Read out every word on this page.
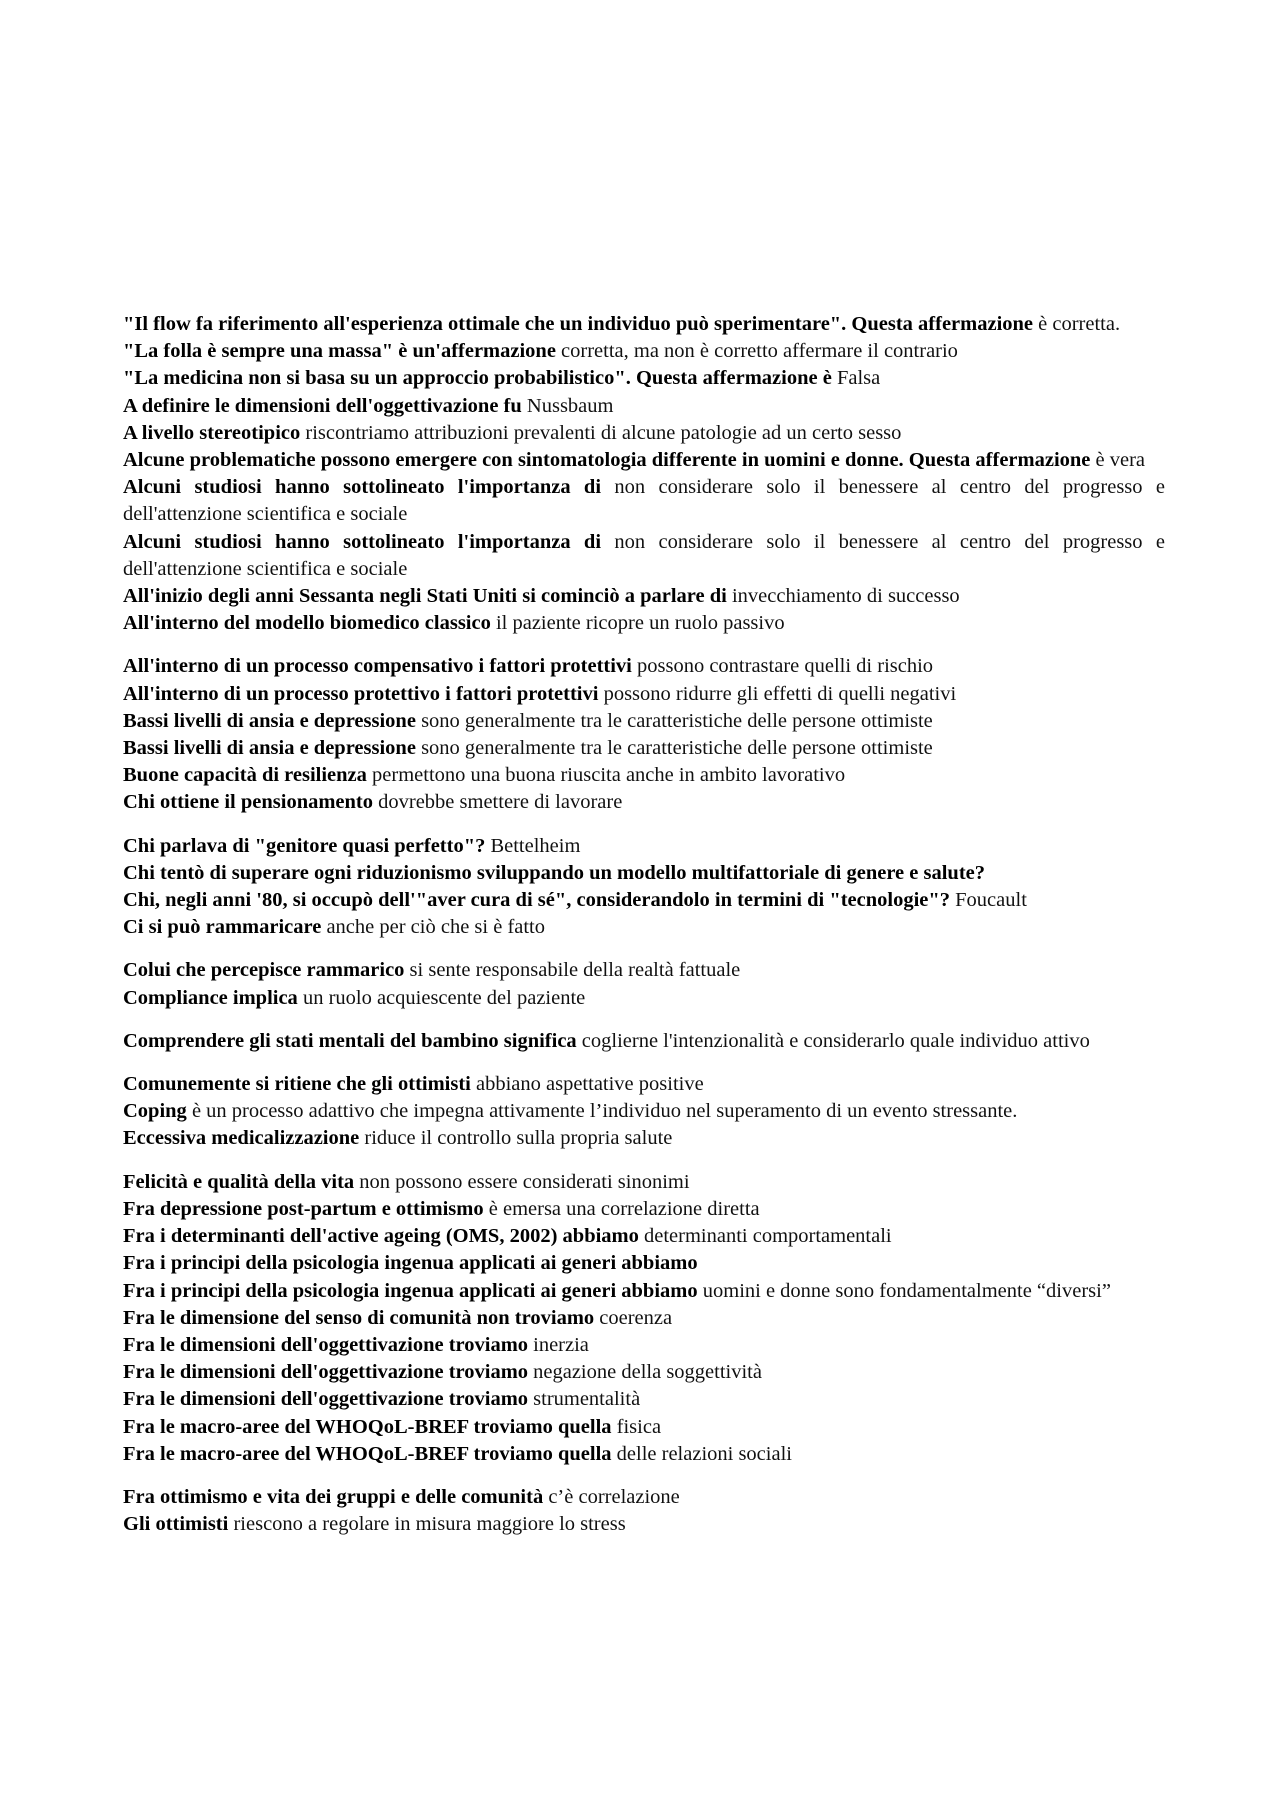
"Il flow fa riferimento all'esperienza ottimale che un individuo può sperimentare". Questa affermazione è corretta.

"La folla è sempre una massa" è un'affermazione corretta, ma non è corretto affermare il contrario

"La medicina non si basa su un approccio probabilistico". Questa affermazione è Falsa

A definire le dimensioni dell'oggettivazione fu Nussbaum

A livello stereotipico riscontriamo attribuzioni prevalenti di alcune patologie ad un certo sesso

Alcune problematiche possono emergere con sintomatologia differente in uomini e donne. Questa affermazione è vera

Alcuni studiosi hanno sottolineato l'importanza di non considerare solo il benessere al centro del progresso e dell'attenzione scientifica e sociale

Alcuni studiosi hanno sottolineato l'importanza di non considerare solo il benessere al centro del progresso e dell'attenzione scientifica e sociale

All'inizio degli anni Sessanta negli Stati Uniti si cominciò a parlare di invecchiamento di successo

All'interno del modello biomedico classico il paziente ricopre un ruolo passivo

All'interno di un processo compensativo i fattori protettivi possono contrastare quelli di rischio

All'interno di un processo protettivo i fattori protettivi possono ridurre gli effetti di quelli negativi

Bassi livelli di ansia e depressione sono generalmente tra le caratteristiche delle persone ottimiste

Bassi livelli di ansia e depressione sono generalmente tra le caratteristiche delle persone ottimiste

Buone capacità di resilienza permettono una buona riuscita anche in ambito lavorativo

Chi ottiene il pensionamento dovrebbe smettere di lavorare

Chi parlava di "genitore quasi perfetto"? Bettelheim

Chi tentò di superare ogni riduzionismo sviluppando un modello multifattoriale di genere e salute?

Chi, negli anni '80, si occupò dell'"aver cura di sé", considerandolo in termini di "tecnologie"? Foucault

Ci si può rammaricare anche per ciò che si è fatto

Colui che percepisce rammarico si sente responsabile della realtà fattuale

Compliance implica un ruolo acquiescente del paziente

Comprendere gli stati mentali del bambino significa coglierne l'intenzionalità e considerarlo quale individuo attivo

Comunemente si ritiene che gli ottimisti abbiano aspettative positive

Coping è un processo adattivo che impegna attivamente l’individuo nel superamento di un evento stressante.

Eccessiva medicalizzazione riduce il controllo sulla propria salute

Felicità e qualità della vita non possono essere considerati sinonimi

Fra depressione post-partum e ottimismo è emersa una correlazione diretta

Fra i determinanti dell'active ageing (OMS, 2002) abbiamo determinanti comportamentali

Fra i principi della psicologia ingenua applicati ai generi abbiamo

Fra i principi della psicologia ingenua applicati ai generi abbiamo uomini e donne sono fondamentalmente “diversi”

Fra le dimensione del senso di comunità non troviamo coerenza

Fra le dimensioni dell'oggettivazione troviamo inerzia

Fra le dimensioni dell'oggettivazione troviamo negazione della soggettività

Fra le dimensioni dell'oggettivazione troviamo strumentalità

Fra le macro-aree del WHOQoL-BREF troviamo quella fisica

Fra le macro-aree del WHOQoL-BREF troviamo quella delle relazioni sociali

Fra ottimismo e vita dei gruppi e delle comunità c’è correlazione

Gli ottimisti riescono a regolare in misura maggiore lo stress
